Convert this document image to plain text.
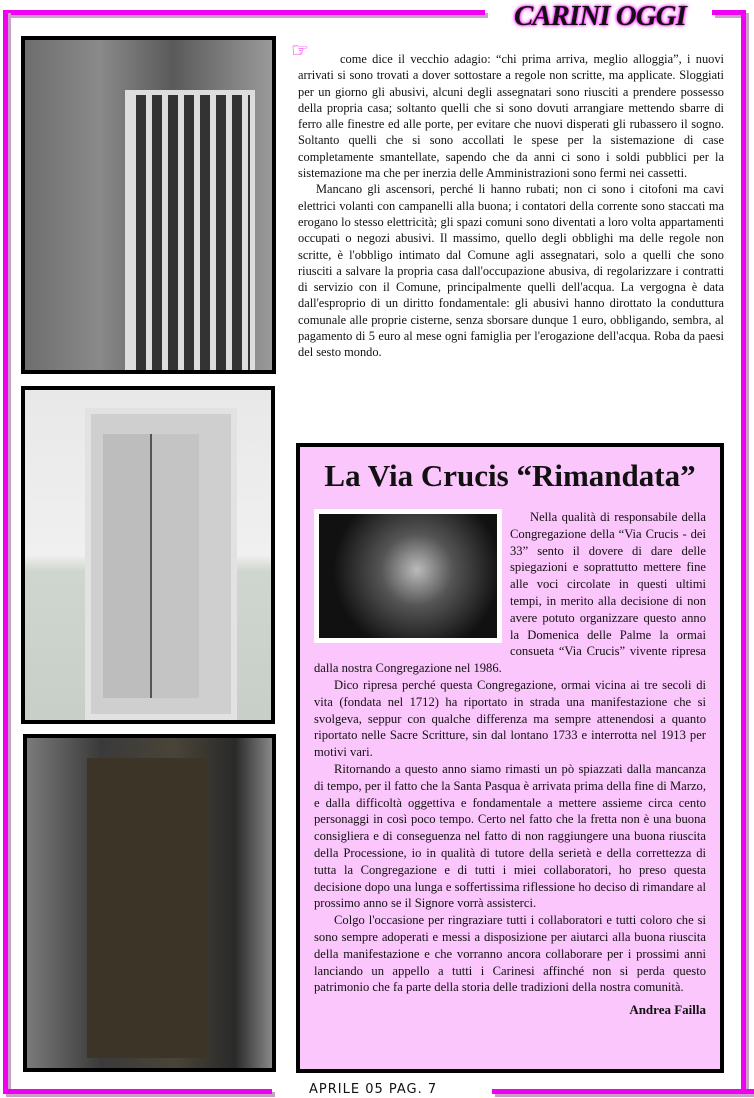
CARINI OGGI
☞	come dice il vecchio adagio: “chi prima arriva, meglio alloggia”, i nuovi arrivati si sono trovati a dover sottostare a regole non scritte, ma applicate. Sloggiati per un giorno gli abusivi, alcuni degli assegnatari sono riusciti a prendere possesso della propria casa; soltanto quelli che si sono dovuti arrangiare mettendo sbarre di ferro alle finestre ed alle porte, per evitare che nuovi disperati gli rubassero il sogno. Soltanto quelli che si sono accollati le spese per la sistemazione di case completamente smantellate, sapendo che da anni ci sono i soldi pubblici per la sistemazione ma che per inerzia delle Amministrazioni sono fermi nei cassetti.

Mancano gli ascensori, perché li hanno rubati; non ci sono i citofoni ma cavi elettrici volanti con campanelli alla buona; i contatori della corrente sono staccati ma erogano lo stesso elettricità; gli spazi comuni sono diventati a loro volta appartamenti occupati o negozi abusivi. Il massimo, quello degli obblighi ma delle regole non scritte, è l'obbligo intimato dal Comune agli assegnatari, solo a quelli che sono riusciti a salvare la propria casa dall'occupazione abusiva, di regolarizzare i contratti di servizio con il Comune, principalmente quelli dell'acqua. La vergogna è data dall'esproprio di un diritto fondamentale: gli abusivi hanno dirottato la conduttura comunale alle proprie cisterne, senza sborsare dunque 1 euro, obbligando, sembra, al pagamento di 5 euro al mese ogni famiglia per l'erogazione dell'acqua. Roba da paesi del sesto mondo.

La Via Crucis “Rimandata”

Nella qualità di responsabile della Congregazione della “Via Crucis - dei 33” sento il dovere di dare delle spiegazioni e soprattutto mettere fine alle voci circolate in questi ultimi tempi, in merito alla decisione di non avere potuto organizzare questo anno la Domenica delle Palme la ormai consueta “Via Crucis” vivente ripresa dalla nostra Congregazione nel 1986.

Dico ripresa perché questa Congregazione, ormai vicina ai tre secoli di vita (fondata nel 1712) ha riportato in strada una manifestazione che si svolgeva, seppur con qualche differenza ma sempre attenendosi a quanto riportato nelle Sacre Scritture, sin dal lontano 1733 e interrotta nel 1913 per motivi vari.

Ritornando a questo anno siamo rimasti un pò spiazzati dalla mancanza di tempo, per il fatto che la Santa Pasqua è arrivata prima della fine di Marzo, e dalla difficoltà oggettiva e fondamentale a mettere assieme circa cento personaggi in così poco tempo. Certo nel fatto che la fretta non è una buona consigliera e di conseguenza nel fatto di non raggiungere una buona riuscita della Processione, io in qualità di tutore della serietà e della correttezza di tutta la Congregazione e di tutti i miei collaboratori, ho preso questa decisione dopo una lunga e soffertissima riflessione ho deciso di rimandare al prossimo anno se il Signore vorrà assisterci.

Colgo l'occasione per ringraziare tutti i collaboratori e tutti coloro che si sono sempre adoperati e messi a disposizione per aiutarci alla buona riuscita della manifestazione e che vorranno ancora collaborare per i prossimi anni lanciando un appello a tutti i Carinesi affinché non si perda questo patrimonio che fa parte della storia delle tradizioni della nostra comunità.

Andrea Failla
APRILE 05 PAG. 7
